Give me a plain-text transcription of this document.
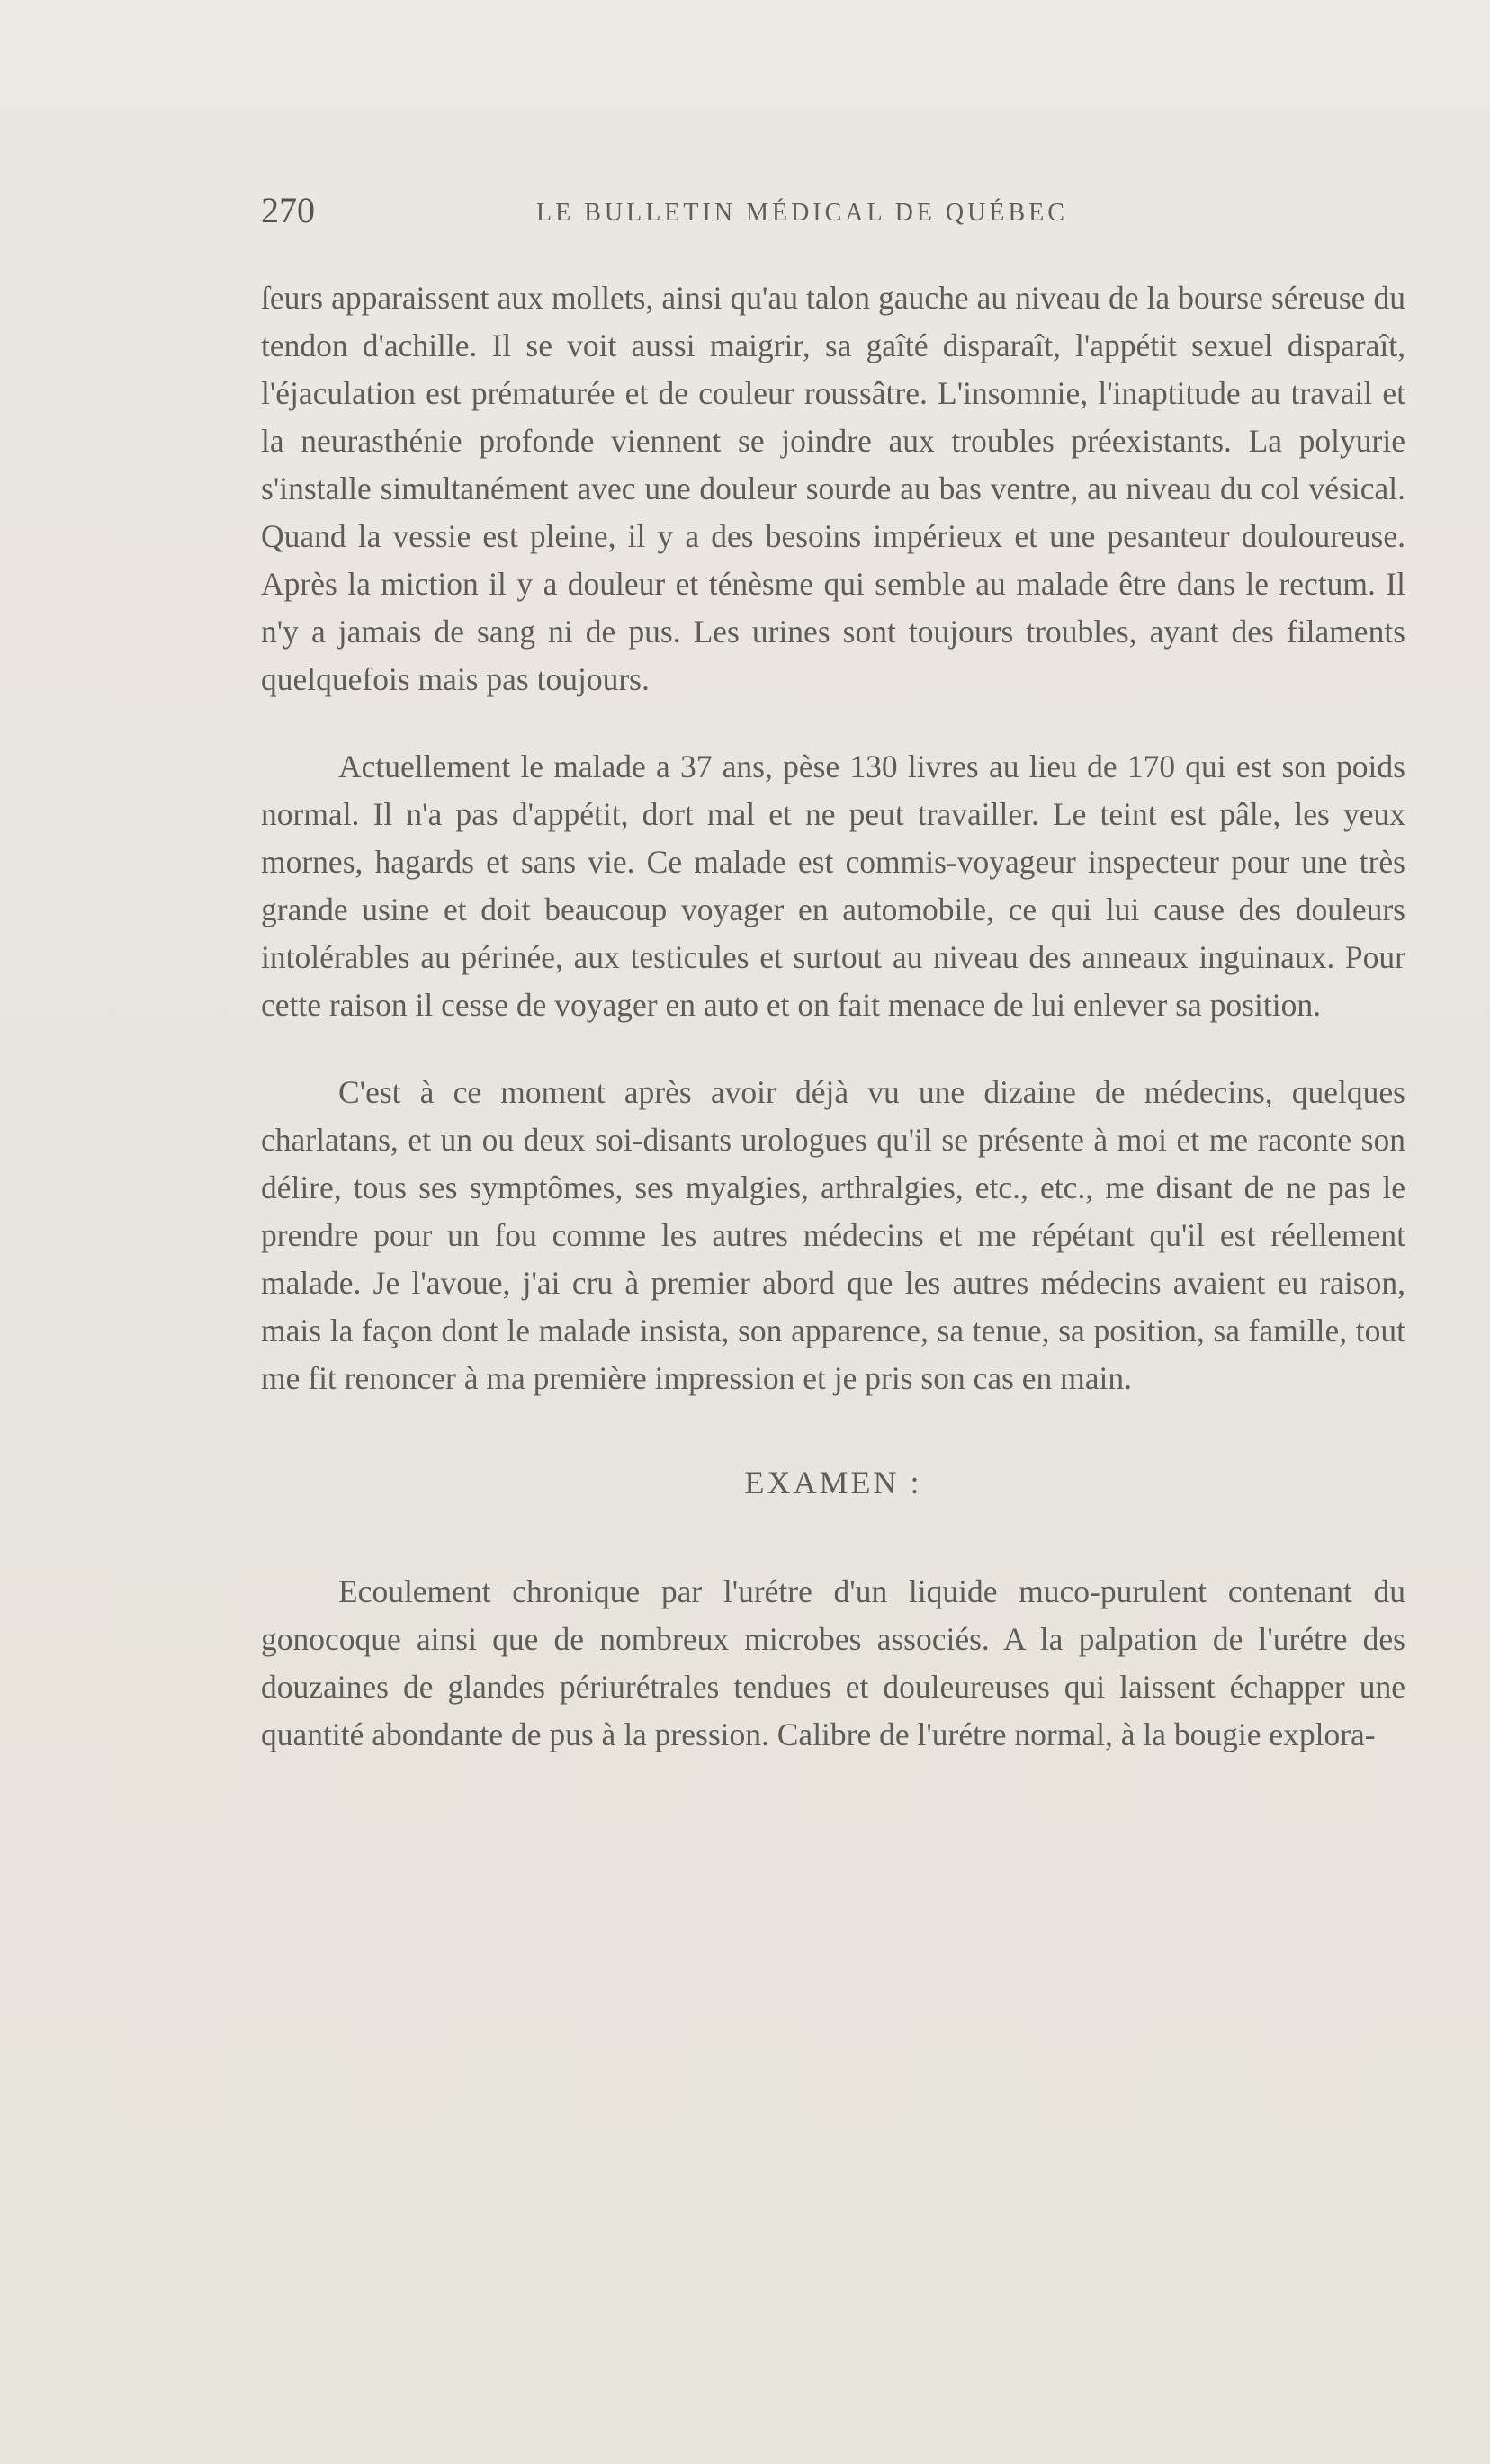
270	LE BULLETIN MÉDICAL DE QUÉBEC

ſeurs apparaissent aux mollets, ainsi qu'au talon gauche au niveau de la bourse séreuse du tendon d'achille. Il se voit aussi maigrir, sa gaîté disparaît, l'appétit sexuel disparaît, l'éjaculation est prématurée et de couleur roussâtre. L'insomnie, l'inaptitude au travail et la neurasthénie profonde viennent se joindre aux troubles préexistants. La polyurie s'installe simultanément avec une douleur sourde au bas ventre, au niveau du col vésical. Quand la vessie est pleine, il y a des besoins impérieux et une pesanteur douloureuse. Après la miction il y a douleur et ténèsme qui semble au malade être dans le rectum. Il n'y a jamais de sang ni de pus. Les urines sont toujours troubles, ayant des filaments quelquefois mais pas toujours.

Actuellement le malade a 37 ans, pèse 130 livres au lieu de 170 qui est son poids normal. Il n'a pas d'appétit, dort mal et ne peut travailler. Le teint est pâle, les yeux mornes, hagards et sans vie. Ce malade est commis-voyageur inspecteur pour une très grande usine et doit beaucoup voyager en automobile, ce qui lui cause des douleurs intolérables au périnée, aux testicules et surtout au niveau des anneaux inguinaux. Pour cette raison il cesse de voyager en auto et on fait menace de lui enlever sa position.

C'est à ce moment après avoir déjà vu une dizaine de médecins, quelques charlatans, et un ou deux soi-disants urologues qu'il se présente à moi et me raconte son délire, tous ses symptômes, ses myalgies, arthralgies, etc., etc., me disant de ne pas le prendre pour un fou comme les autres médecins et me répétant qu'il est réellement malade. Je l'avoue, j'ai cru à premier abord que les autres médecins avaient eu raison, mais la façon dont le malade insista, son apparence, sa tenue, sa position, sa famille, tout me fit renoncer à ma première impression et je pris son cas en main.

EXAMEN :

Ecoulement chronique par l'urétre d'un liquide muco-purulent contenant du gonocoque ainsi que de nombreux microbes associés. A la palpation de l'urétre des douzaines de glandes périurétrales tendues et douleureuses qui laissent échapper une quantité abondante de pus à la pression. Calibre de l'urétre normal, à la bougie explora-
